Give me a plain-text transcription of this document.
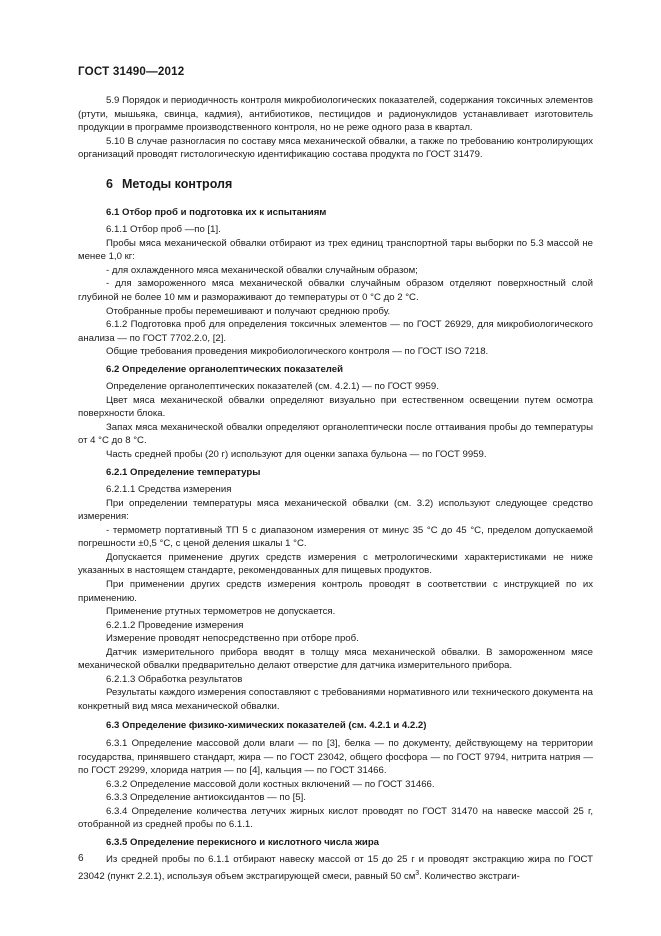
ГОСТ 31490—2012

5.9 Порядок и периодичность контроля микробиологических показателей, содержания токсичных элементов (ртути, мышьяка, свинца, кадмия), антибиотиков, пестицидов и радионуклидов устанавливает изготовитель продукции в программе производственного контроля, но не реже одного раза в квартал.

5.10 В случае разногласия по составу мяса механической обвалки, а также по требованию контролирующих организаций проводят гистологическую идентификацию состава продукта по ГОСТ 31479.

6 Методы контроля

6.1 Отбор проб и подготовка их к испытаниям

6.1.1 Отбор проб —по [1].

Пробы мяса механической обвалки отбирают из трех единиц транспортной тары выборки по 5.3 массой не менее 1,0 кг:

- для охлажденного мяса механической обвалки случайным образом;

- для замороженного мяса механической обвалки случайным образом отделяют поверхностный слой глубиной не более 10 мм и размораживают до температуры от 0 °C до 2 °C.

Отобранные пробы перемешивают и получают среднюю пробу.

6.1.2 Подготовка проб для определения токсичных элементов — по ГОСТ 26929, для микробиологического анализа — по ГОСТ 7702.2.0, [2].

Общие требования проведения микробиологического контроля — по ГОСТ ISO 7218.

6.2 Определение органолептических показателей

Определение органолептических показателей (см. 4.2.1) — по ГОСТ 9959.

Цвет мяса механической обвалки определяют визуально при естественном освещении путем осмотра поверхности блока.

Запах мяса механической обвалки определяют органолептически после оттаивания пробы до температуры от 4 °C до 8 °C.

Часть средней пробы (20 г) используют для оценки запаха бульона — по ГОСТ 9959.

6.2.1 Определение температуры

6.2.1.1 Средства измерения

При определении температуры мяса механической обвалки (см. 3.2) используют следующее средство измерения:

- термометр портативный ТП 5 с диапазоном измерения от минус 35 °C до 45 °C, пределом допускаемой погрешности ±0,5 °C, с ценой деления шкалы 1 °C.

Допускается применение других средств измерения с метрологическими характеристиками не ниже указанных в настоящем стандарте, рекомендованных для пищевых продуктов.

При применении других средств измерения контроль проводят в соответствии с инструкцией по их применению.

Применение ртутных термометров не допускается.

6.2.1.2 Проведение измерения

Измерение проводят непосредственно при отборе проб.

Датчик измерительного прибора вводят в толщу мяса механической обвалки. В замороженном мясе механической обвалки предварительно делают отверстие для датчика измерительного прибора.

6.2.1.3 Обработка результатов

Результаты каждого измерения сопоставляют с требованиями нормативного или технического документа на конкретный вид мяса механической обвалки.

6.3 Определение физико-химических показателей (см. 4.2.1 и 4.2.2)

6.3.1 Определение массовой доли влаги — по [3], белка — по документу, действующему на территории государства, принявшего стандарт, жира — по ГОСТ 23042, общего фосфора — по ГОСТ 9794, нитрита натрия — по ГОСТ 29299, хлорида натрия — по [4], кальция — по ГОСТ 31466.

6.3.2 Определение массовой доли костных включений — по ГОСТ 31466.

6.3.3 Определение антиоксидантов — по [5].

6.3.4 Определение количества летучих жирных кислот проводят по ГОСТ 31470 на навеске массой 25 г, отобранной из средней пробы по 6.1.1.

6.3.5 Определение перекисного и кислотного числа жира

Из средней пробы по 6.1.1 отбирают навеску массой от 15 до 25 г и проводят экстракцию жира по ГОСТ 23042 (пункт 2.2.1), используя объем экстрагирующей смеси, равный 50 $см^3$. Количество экстраги-

6
